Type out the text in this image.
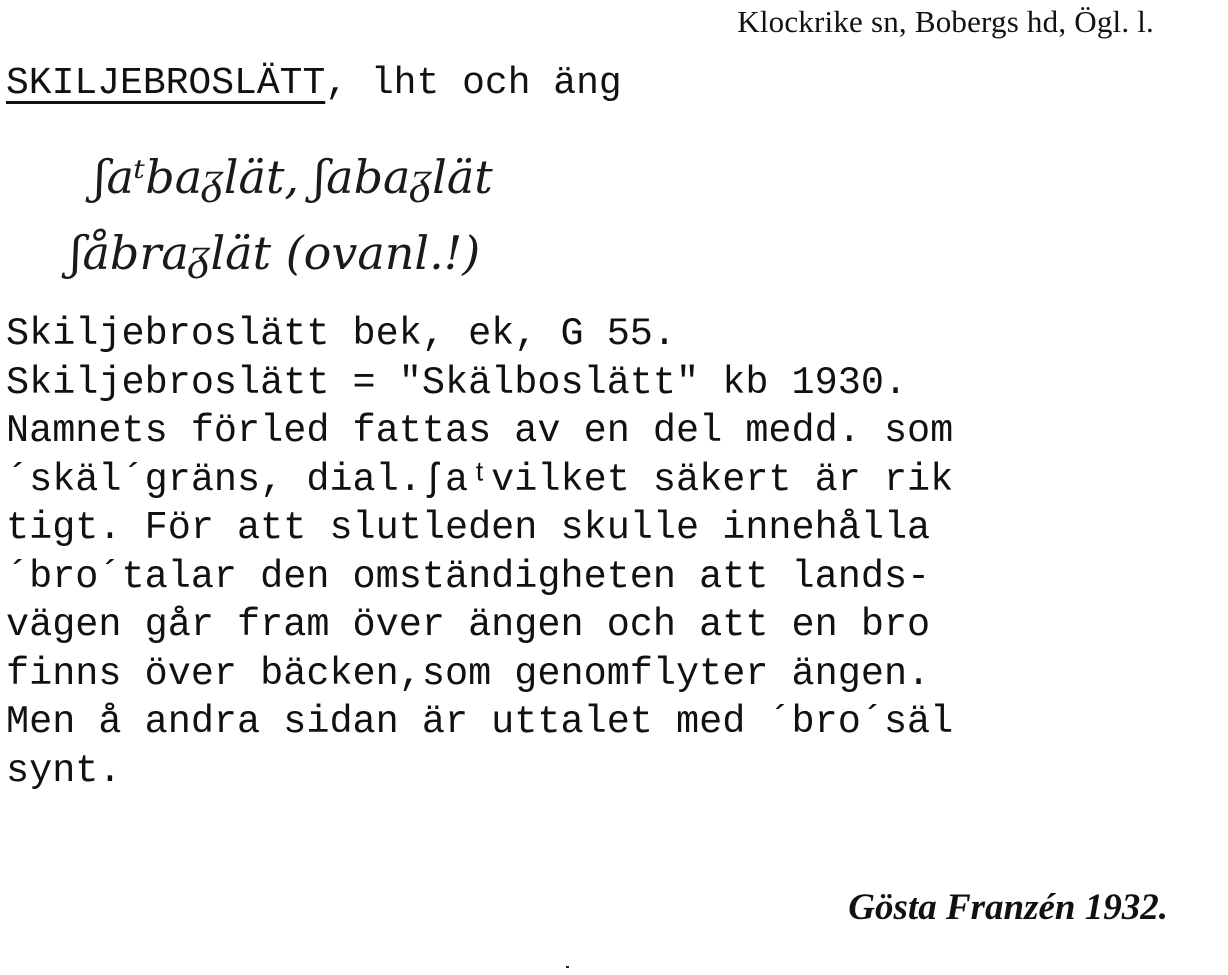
Klockrike sn, Bobergs hd, Ögl. l.
SKILJEBROSLÄTT, lht och äng
ʃaᵗbaᵹlät, ʃabaᵹlät
ʃåbraᵹlät (ovanl.!)
Skiljebroslätt bek, ek, G 55.
Skiljebroslätt = "Skälboslätt" kb 1930.
Namnets förled fattas av en del medd. som
´skäl´gräns, dial.ʃaᵗvilket säkert är rik
tigt. För att slutleden skulle innehålla
´bro´talar den omständigheten att lands-
vägen går fram över ängen och att en bro
finns över bäcken,som genomflyter ängen.
Men å andra sidan är uttalet med ´bro´säl
synt.
Gösta Franzén 1932.
